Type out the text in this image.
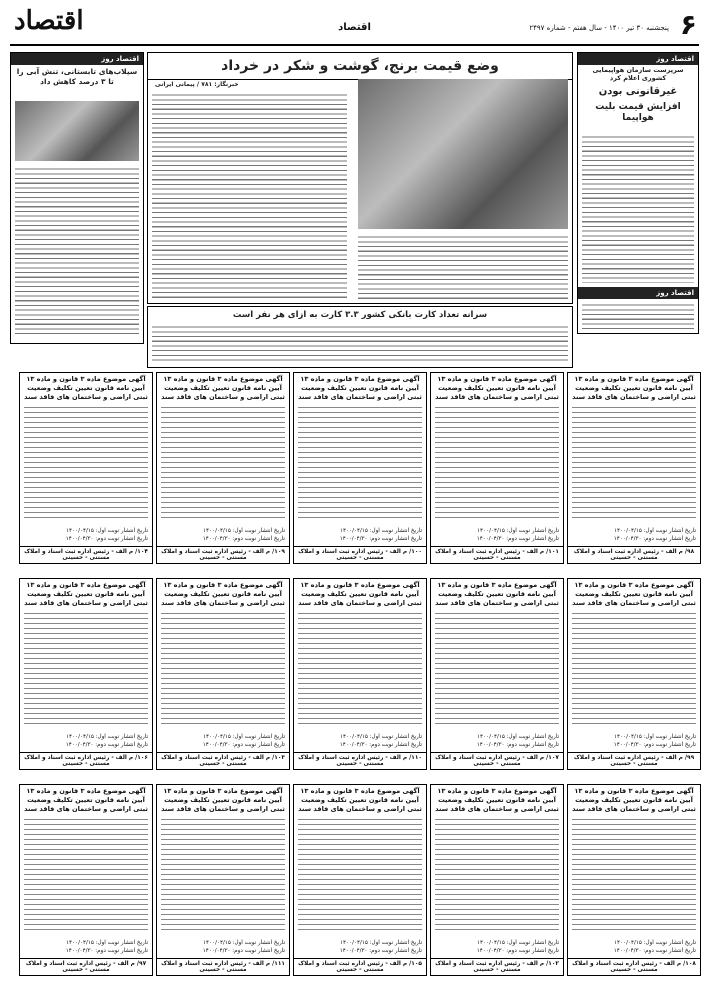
۶
پنجشنبه ۳۰ تیر ۱۴۰۰ - سال هفتم - شماره ۲۴۹۷
اقتصاد
اقتصاد
اقتصاد روز
سرپرست سازمان هواپیمایی کشوری اعلام کرد
غیرقانونی بودن
افزایش قیمت بلیت هواپیما
اقتصاد روز
وضع قیمت برنج، گوشت و شکر در خرداد
خبرنگار: ۷۸۱ / پیمانی ایرانی
اقتصاد روز
سیلاب‌های تابستانی، تنش آبی را تا ۳ درصد کاهش داد
سرانه تعداد کارت بانکی کشور ۳.۳ کارت به ازای هر نفر است
آگهی موضوع ماده ۳ قانون و ماده ۱۳ آیین نامه قانون تعیین تکلیف وضعیت ثبتی اراضی و ساختمان های فاقد سند
تاریخ انتشار نوبت اول: ۱۴۰۰/۰۴/۱۵
تاریخ انتشار نوبت دوم: ۱۴۰۰/۰۴/۳۰
۹۸/ م الف - رئیس اداره ثبت اسناد و املاک مسننی - حسینی
آگهی موضوع ماده ۳ قانون و ماده ۱۳ آیین نامه قانون تعیین تکلیف وضعیت ثبتی اراضی و ساختمان های فاقد سند
تاریخ انتشار نوبت اول: ۱۴۰۰/۰۴/۱۵
تاریخ انتشار نوبت دوم: ۱۴۰۰/۰۴/۳۰
۱۰۱/ م الف - رئیس اداره ثبت اسناد و املاک مسننی - حسینی
آگهی موضوع ماده ۳ قانون و ماده ۱۳ آیین نامه قانون تعیین تکلیف وضعیت ثبتی اراضی و ساختمان های فاقد سند
تاریخ انتشار نوبت اول: ۱۴۰۰/۰۴/۱۵
تاریخ انتشار نوبت دوم: ۱۴۰۰/۰۴/۳۰
۱۰۰/ م الف - رئیس اداره ثبت اسناد و املاک مسننی - حسینی
آگهی موضوع ماده ۳ قانون و ماده ۱۳ آیین نامه قانون تعیین تکلیف وضعیت ثبتی اراضی و ساختمان های فاقد سند
تاریخ انتشار نوبت اول: ۱۴۰۰/۰۴/۱۵
تاریخ انتشار نوبت دوم: ۱۴۰۰/۰۴/۳۰
۱۰۹/ م الف - رئیس اداره ثبت اسناد و املاک مسننی - حسینی
آگهی موضوع ماده ۳ قانون و ماده ۱۳ آیین نامه قانون تعیین تکلیف وضعیت ثبتی اراضی و ساختمان های فاقد سند
تاریخ انتشار نوبت اول: ۱۴۰۰/۰۴/۱۵
تاریخ انتشار نوبت دوم: ۱۴۰۰/۰۴/۳۰
۱۰۴/ م الف - رئیس اداره ثبت اسناد و املاک مسننی - حسینی
آگهی موضوع ماده ۳ قانون و ماده ۱۳ آیین نامه قانون تعیین تکلیف وضعیت ثبتی اراضی و ساختمان های فاقد سند
تاریخ انتشار نوبت اول: ۱۴۰۰/۰۴/۱۵
تاریخ انتشار نوبت دوم: ۱۴۰۰/۰۴/۳۰
۹۹/ م الف - رئیس اداره ثبت اسناد و املاک مسننی - حسینی
آگهی موضوع ماده ۳ قانون و ماده ۱۳ آیین نامه قانون تعیین تکلیف وضعیت ثبتی اراضی و ساختمان های فاقد سند
تاریخ انتشار نوبت اول: ۱۴۰۰/۰۴/۱۵
تاریخ انتشار نوبت دوم: ۱۴۰۰/۰۴/۳۰
۱۰۷/ م الف - رئیس اداره ثبت اسناد و املاک مسننی - حسینی
آگهی موضوع ماده ۳ قانون و ماده ۱۳ آیین نامه قانون تعیین تکلیف وضعیت ثبتی اراضی و ساختمان های فاقد سند
تاریخ انتشار نوبت اول: ۱۴۰۰/۰۴/۱۵
تاریخ انتشار نوبت دوم: ۱۴۰۰/۰۴/۳۰
۱۱۰/ م الف - رئیس اداره ثبت اسناد و املاک مسننی - حسینی
آگهی موضوع ماده ۳ قانون و ماده ۱۳ آیین نامه قانون تعیین تکلیف وضعیت ثبتی اراضی و ساختمان های فاقد سند
تاریخ انتشار نوبت اول: ۱۴۰۰/۰۴/۱۵
تاریخ انتشار نوبت دوم: ۱۴۰۰/۰۴/۳۰
۱۰۳/ م الف - رئیس اداره ثبت اسناد و املاک مسننی - حسینی
آگهی موضوع ماده ۳ قانون و ماده ۱۳ آیین نامه قانون تعیین تکلیف وضعیت ثبتی اراضی و ساختمان های فاقد سند
تاریخ انتشار نوبت اول: ۱۴۰۰/۰۴/۱۵
تاریخ انتشار نوبت دوم: ۱۴۰۰/۰۴/۳۰
۱۰۶/ م الف - رئیس اداره ثبت اسناد و املاک مسننی - حسینی
آگهی موضوع ماده ۳ قانون و ماده ۱۳ آیین نامه قانون تعیین تکلیف وضعیت ثبتی اراضی و ساختمان های فاقد سند
تاریخ انتشار نوبت اول: ۱۴۰۰/۰۴/۱۵
تاریخ انتشار نوبت دوم: ۱۴۰۰/۰۴/۳۰
۱۰۸/ م الف - رئیس اداره ثبت اسناد و املاک مسننی - حسینی
آگهی موضوع ماده ۳ قانون و ماده ۱۳ آیین نامه قانون تعیین تکلیف وضعیت ثبتی اراضی و ساختمان های فاقد سند
تاریخ انتشار نوبت اول: ۱۴۰۰/۰۴/۱۵
تاریخ انتشار نوبت دوم: ۱۴۰۰/۰۴/۳۰
۱۰۲/ م الف - رئیس اداره ثبت اسناد و املاک مسننی - حسینی
آگهی موضوع ماده ۳ قانون و ماده ۱۳ آیین نامه قانون تعیین تکلیف وضعیت ثبتی اراضی و ساختمان های فاقد سند
تاریخ انتشار نوبت اول: ۱۴۰۰/۰۴/۱۵
تاریخ انتشار نوبت دوم: ۱۴۰۰/۰۴/۳۰
۱۰۵/ م الف - رئیس اداره ثبت اسناد و املاک مسننی - حسینی
آگهی موضوع ماده ۳ قانون و ماده ۱۳ آیین نامه قانون تعیین تکلیف وضعیت ثبتی اراضی و ساختمان های فاقد سند
تاریخ انتشار نوبت اول: ۱۴۰۰/۰۴/۱۵
تاریخ انتشار نوبت دوم: ۱۴۰۰/۰۴/۳۰
۱۱۱/ م الف - رئیس اداره ثبت اسناد و املاک مسننی - حسینی
آگهی موضوع ماده ۳ قانون و ماده ۱۳ آیین نامه قانون تعیین تکلیف وضعیت ثبتی اراضی و ساختمان های فاقد سند
تاریخ انتشار نوبت اول: ۱۴۰۰/۰۴/۱۵
تاریخ انتشار نوبت دوم: ۱۴۰۰/۰۴/۳۰
۹۷/ م الف - رئیس اداره ثبت اسناد و املاک مسننی - حسینی
